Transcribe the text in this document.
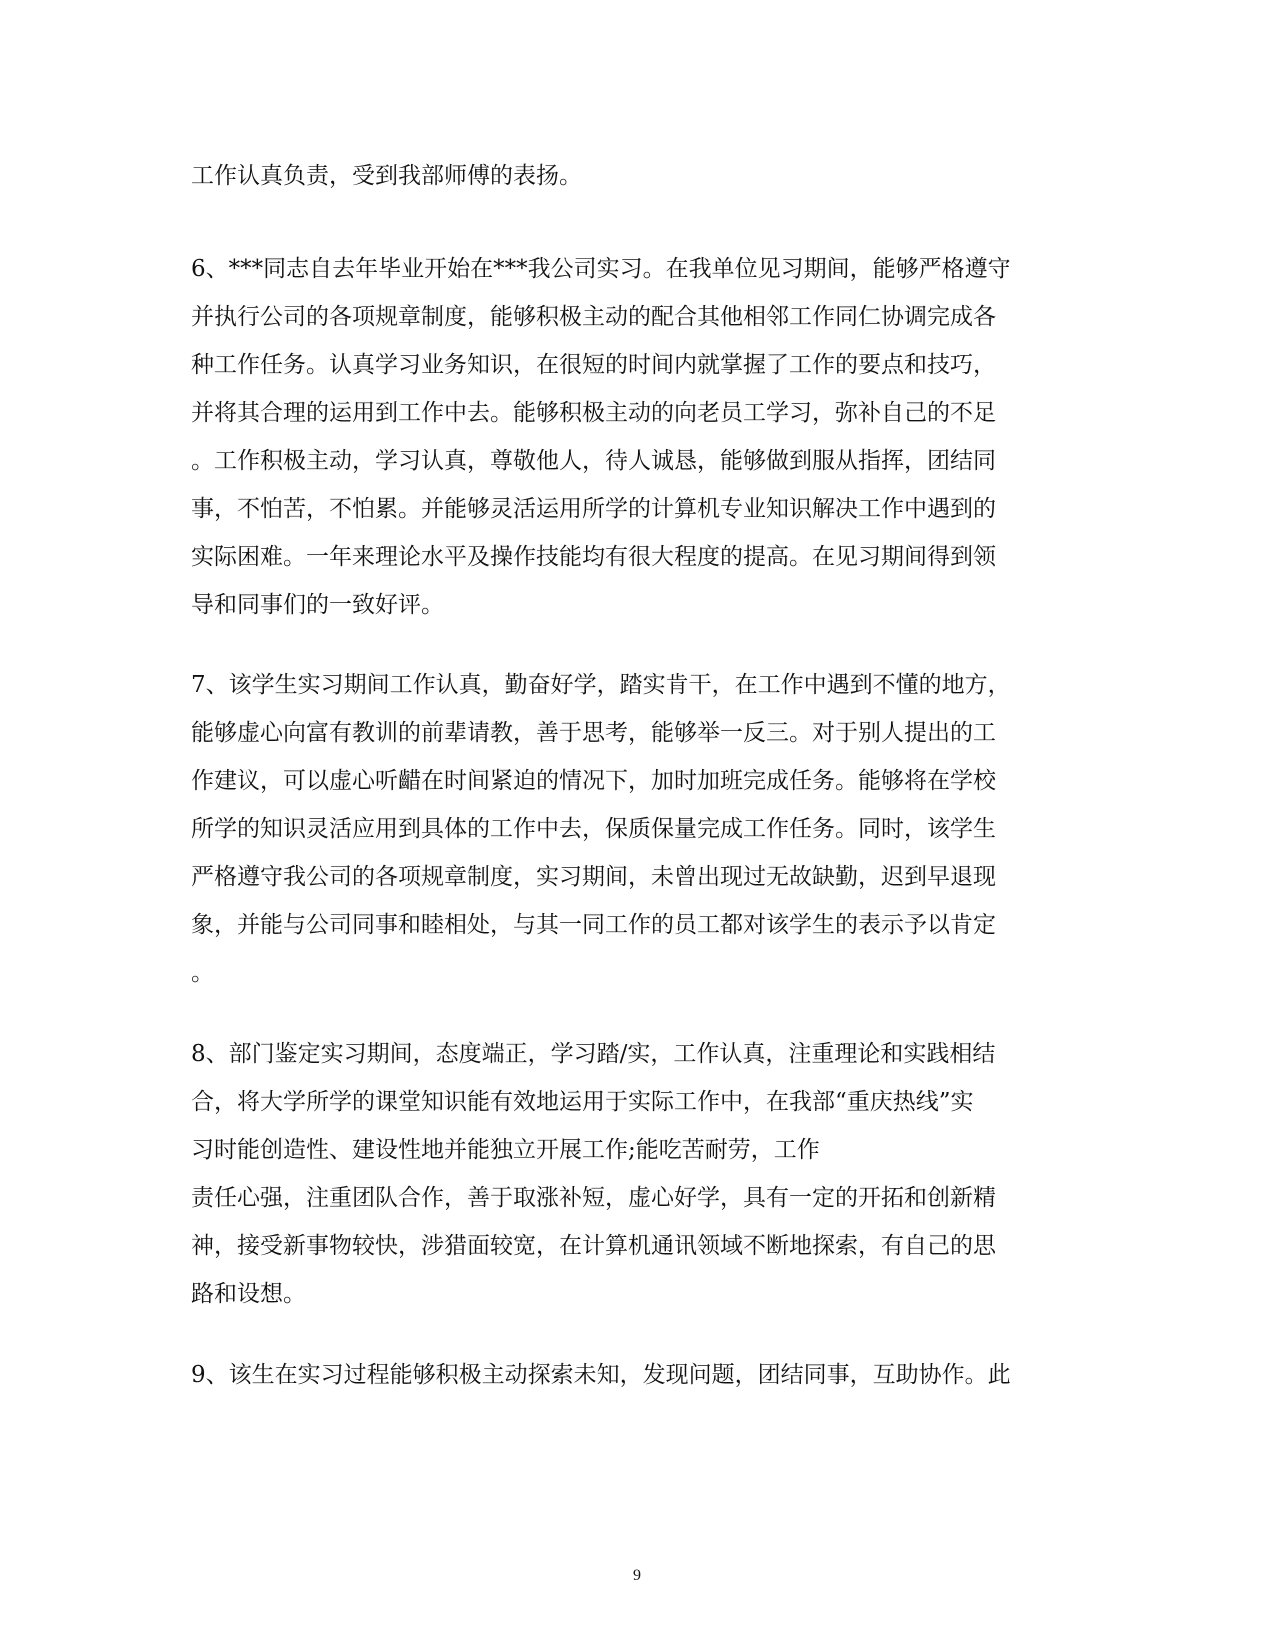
工作认真负责，受到我部师傅的表扬。
6、***同志自去年毕业开始在***我公司实习。在我单位见习期间，能够严格遵守
并执行公司的各项规章制度，能够积极主动的配合其他相邻工作同仁协调完成各
种工作任务。认真学习业务知识，在很短的时间内就掌握了工作的要点和技巧，
并将其合理的运用到工作中去。能够积极主动的向老员工学习，弥补自己的不足
。工作积极主动，学习认真，尊敬他人，待人诚恳，能够做到服从指挥，团结同
事，不怕苦，不怕累。并能够灵活运用所学的计算机专业知识解决工作中遇到的
实际困难。一年来理论水平及操作技能均有很大程度的提高。在见习期间得到领
导和同事们的一致好评。
7、该学生实习期间工作认真，勤奋好学，踏实肯干，在工作中遇到不懂的地方，
能够虚心向富有教训的前辈请教，善于思考，能够举一反三。对于别人提出的工
作建议，可以虚心听齰在时间紧迫的情况下，加时加班完成任务。能够将在学校
所学的知识灵活应用到具体的工作中去，保质保量完成工作任务。同时，该学生
严格遵守我公司的各项规章制度，实习期间，未曾出现过无故缺勤，迟到早退现
象，并能与公司同事和睦相处，与其一同工作的员工都对该学生的表示予以肯定
。
8、部门鉴定实习期间，态度端正，学习踏/实，工作认真，注重理论和实践相结
合，将大学所学的课堂知识能有效地运用于实际工作中，在我部“重庆热线”实
习时能创造性、建设性地并能独立开展工作;能吃苦耐劳，工作
责任心强，注重团队合作，善于取涨补短，虚心好学，具有一定的开拓和创新精
神，接受新事物较快，涉猎面较宽，在计算机通讯领域不断地探索，有自己的思
路和设想。
9、该生在实习过程能够积极主动探索未知，发现问题，团结同事，互助协作。此
9
